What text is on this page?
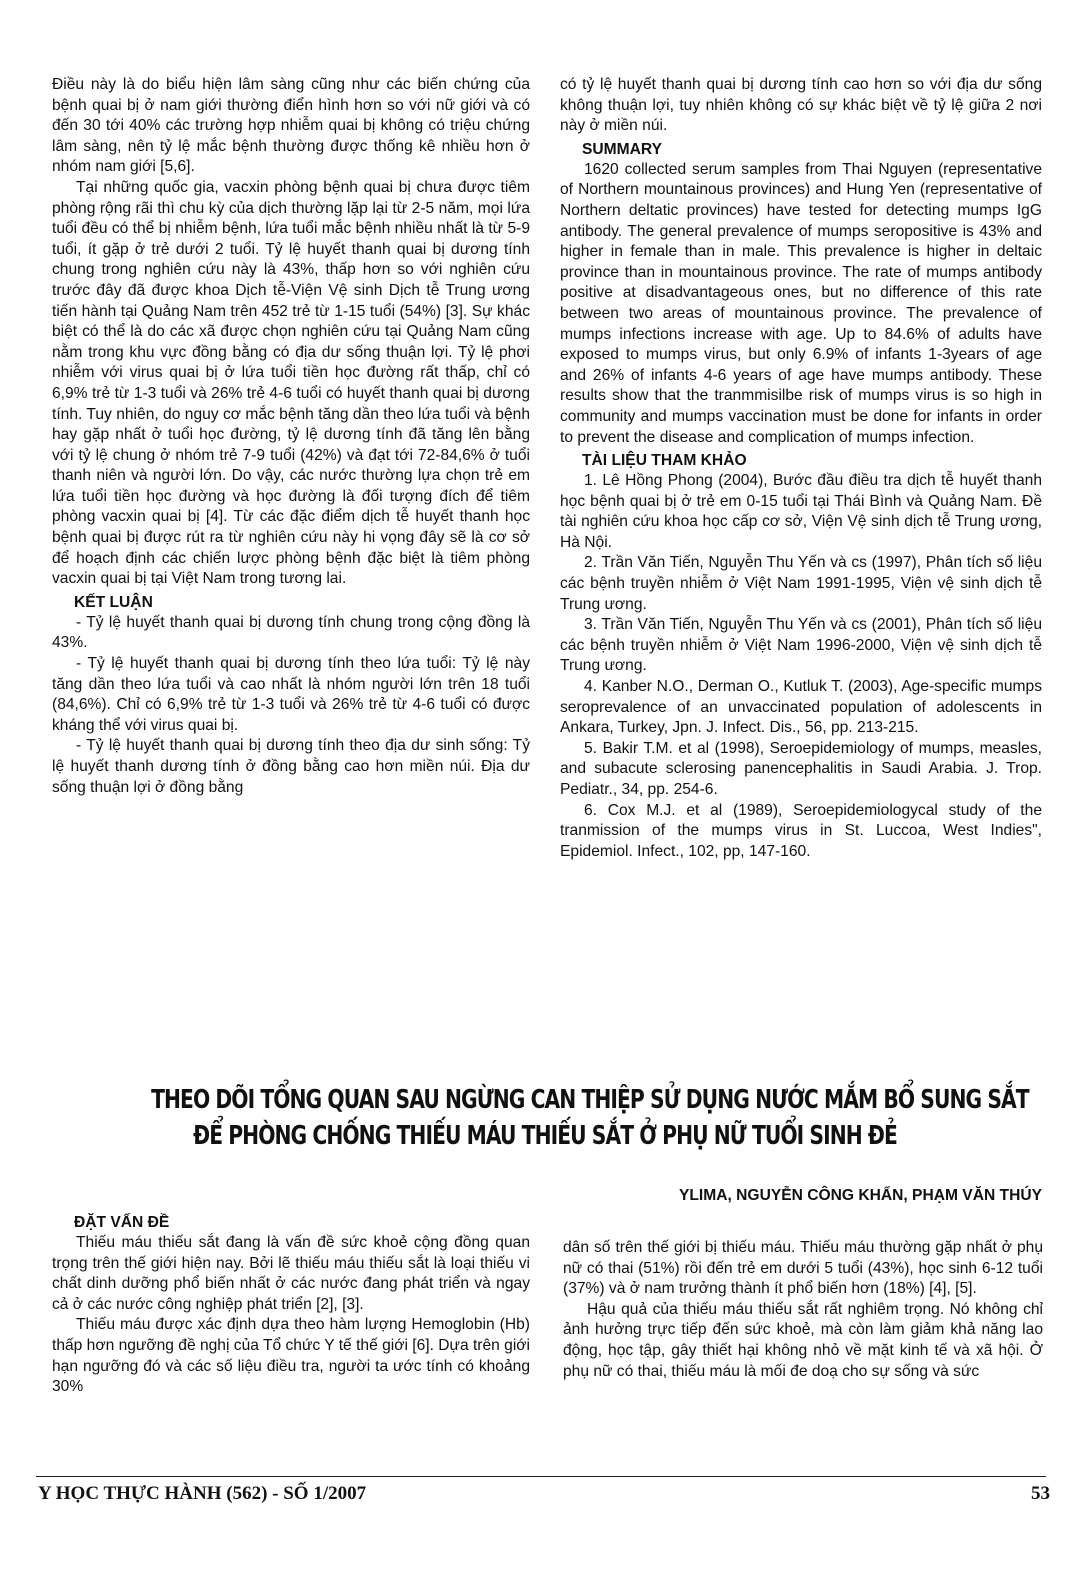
Điều này là do biểu hiện lâm sàng cũng như các biến chứng của bệnh quai bị ở nam giới thường điển hình hơn so với nữ giới và có đến 30 tới 40% các trường hợp nhiễm quai bị không có triệu chứng lâm sàng, nên tỷ lệ mắc bệnh thường được thống kê nhiều hơn ở nhóm nam giới [5,6].

Tại những quốc gia, vacxin phòng bệnh quai bị chưa được tiêm phòng rộng rãi thì chu kỳ của dịch thường lặp lại từ 2-5 năm, mọi lứa tuổi đều có thể bị nhiễm bệnh, lứa tuổi mắc bệnh nhiều nhất là từ 5-9 tuổi, ít gặp ở trẻ dưới 2 tuổi. Tỷ lệ huyết thanh quai bị dương tính chung trong nghiên cứu này là 43%, thấp hơn so với nghiên cứu trước đây đã được khoa Dịch tễ-Viện Vệ sinh Dịch tễ Trung ương tiến hành tại Quảng Nam trên 452 trẻ từ 1-15 tuổi (54%) [3]. Sự khác biệt có thể là do các xã được chọn nghiên cứu tại Quảng Nam cũng nằm trong khu vực đồng bằng có địa dư sống thuận lợi. Tỷ lệ phơi nhiễm với virus quai bị ở lứa tuổi tiền học đường rất thấp, chỉ có 6,9% trẻ từ 1-3 tuổi và 26% trẻ 4-6 tuổi có huyết thanh quai bị dương tính. Tuy nhiên, do nguy cơ mắc bệnh tăng dần theo lứa tuổi và bệnh hay gặp nhất ở tuổi học đường, tỷ lệ dương tính đã tăng lên bằng với tỷ lệ chung ở nhóm trẻ 7-9 tuổi (42%) và đạt tới 72-84,6% ở tuổi thanh niên và người lớn. Do vậy, các nước thường lựa chọn trẻ em lứa tuổi tiền học đường và học đường là đối tượng đích để tiêm phòng vacxin quai bị [4]. Từ các đặc điểm dịch tễ huyết thanh học bệnh quai bị được rút ra từ nghiên cứu này hi vọng đây sẽ là cơ sở để hoạch định các chiến lược phòng bệnh đặc biệt là tiêm phòng vacxin quai bị tại Việt Nam trong tương lai.

KẾT LUẬN

- Tỷ lệ huyết thanh quai bị dương tính chung trong cộng đồng là 43%.

- Tỷ lệ huyết thanh quai bị dương tính theo lứa tuổi: Tỷ lệ này tăng dần theo lứa tuổi và cao nhất là nhóm người lớn trên 18 tuổi (84,6%). Chỉ có 6,9% trẻ từ 1-3 tuổi và 26% trẻ từ 4-6 tuổi có được kháng thể với virus quai bị.

- Tỷ lệ huyết thanh quai bị dương tính theo địa dư sinh sống: Tỷ lệ huyết thanh dương tính ở đồng bằng cao hơn miền núi. Địa dư sống thuận lợi ở đồng bằng

có tỷ lệ huyết thanh quai bị dương tính cao hơn so với địa dư sống không thuận lợi, tuy nhiên không có sự khác biệt về tỷ lệ giữa 2 nơi này ở miền núi.

SUMMARY

1620 collected serum samples from Thai Nguyen (representative of Northern mountainous provinces) and Hung Yen (representative of Northern deltatic provinces) have tested for detecting mumps IgG antibody. The general prevalence of mumps seropositive is 43% and higher in female than in male. This prevalence is higher in deltaic province than in mountainous province. The rate of mumps antibody positive at disadvantageous ones, but no difference of this rate between two areas of mountainous province. The prevalence of mumps infections increase with age. Up to 84.6% of adults have exposed to mumps virus, but only 6.9% of infants 1-3years of age and 26% of infants 4-6 years of age have mumps antibody. These results show that the tranmmisilbe risk of mumps virus is so high in community and mumps vaccination must be done for infants in order to prevent the disease and complication of mumps infection.

TÀI LIỆU THAM KHẢO

1. Lê Hồng Phong (2004), Bước đầu điều tra dịch tễ huyết thanh học bệnh quai bị ở trẻ em 0-15 tuổi tại Thái Bình và Quảng Nam. Đề tài nghiên cứu khoa học cấp cơ sở, Viện Vệ sinh dịch tễ Trung ương, Hà Nội.

2. Trần Văn Tiến, Nguyễn Thu Yến và cs (1997), Phân tích số liệu các bệnh truyền nhiễm ở Việt Nam 1991-1995, Viện vệ sinh dịch tễ Trung ương.

3. Trần Văn Tiến, Nguyễn Thu Yến và cs (2001), Phân tích số liệu các bệnh truyền nhiễm ở Việt Nam 1996-2000, Viện vệ sinh dịch tễ Trung ương.

4. Kanber N.O., Derman O., Kutluk T. (2003), Age-specific mumps seroprevalence of an unvaccinated population of adolescents in Ankara, Turkey, Jpn. J. Infect. Dis., 56, pp. 213-215.

5. Bakir T.M. et al (1998), Seroepidemiology of mumps, measles, and subacute sclerosing panencephalitis in Saudi Arabia. J. Trop. Pediatr., 34, pp. 254-6.

6. Cox M.J. et al (1989), Seroepidemiologycal study of the tranmission of the mumps virus in St. Luccoa, West Indies", Epidemiol. Infect., 102, pp, 147-160.

THEO DÕI TỔNG QUAN SAU NGỪNG CAN THIỆP SỬ DỤNG NƯỚC MẮM BỔ SUNG SẮT
ĐỂ PHÒNG CHỐNG THIẾU MÁU THIẾU SẮT Ở PHỤ NỮ TUỔI SINH ĐẺ
YLIMA, NGUYỄN CÔNG KHẨN, PHẠM VĂN THÚY
ĐẶT VẤN ĐỀ

Thiếu máu thiếu sắt đang là vấn đề sức khoẻ cộng đồng quan trọng trên thế giới hiện nay. Bởi lẽ thiếu máu thiếu sắt là loại thiếu vi chất dinh dưỡng phổ biến nhất ở các nước đang phát triển và ngay cả ở các nước công nghiệp phát triển [2], [3].

Thiếu máu được xác định dựa theo hàm lượng Hemoglobin (Hb) thấp hơn ngưỡng đề nghị của Tổ chức Y tế thế giới [6]. Dựa trên giới hạn ngưỡng đó và các số liệu điều tra, người ta ước tính có khoảng 30%

dân số trên thế giới bị thiếu máu. Thiếu máu thường gặp nhất ở phụ nữ có thai (51%) rồi đến trẻ em dưới 5 tuổi (43%), học sinh 6-12 tuổi (37%) và ở nam trưởng thành ít phổ biến hơn (18%) [4], [5].

Hậu quả của thiếu máu thiếu sắt rất nghiêm trọng. Nó không chỉ ảnh hưởng trực tiếp đến sức khoẻ, mà còn làm giảm khả năng lao động, học tập, gây thiết hại không nhỏ về mặt kinh tế và xã hội. Ở phụ nữ có thai, thiếu máu là mối đe doạ cho sự sống và sức

Y HỌC THỰC HÀNH (562) - SỐ 1/2007	53
